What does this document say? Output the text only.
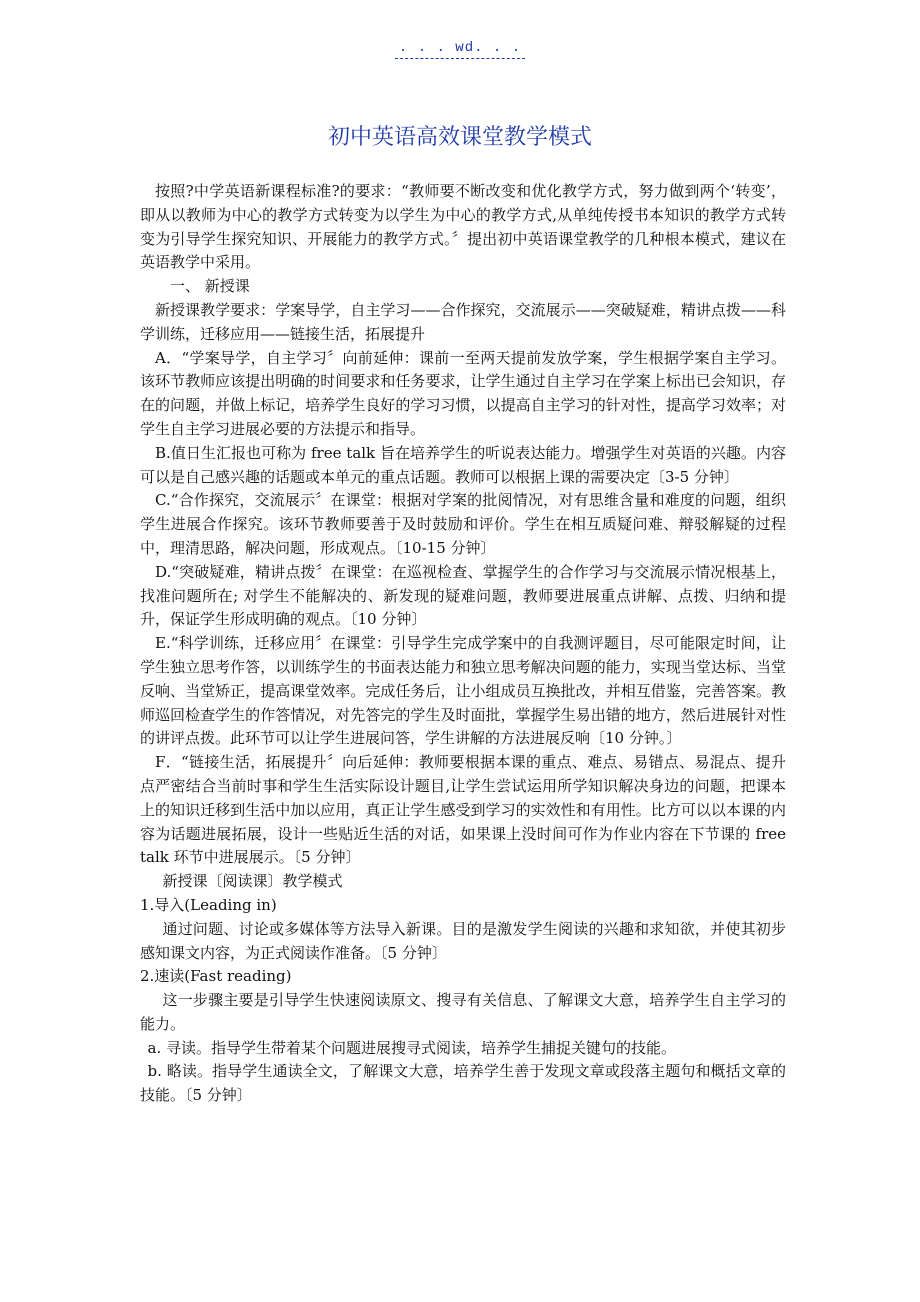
. . . wd. . .
初中英语高效课堂教学模式

按照?中学英语新课程标准?的要求：“教师要不断改变和优化教学方式，努力做到两个‘转变’，即从以教师为中心的教学方式转变为以学生为中心的教学方式,从单纯传授书本知识的教学方式转变为引导学生探究知识、开展能力的教学方式。〞提出初中英语课堂教学的几种根本模式，建议在英语教学中采用。

一、 新授课

新授课教学要求：学案导学，自主学习——合作探究，交流展示——突破疑难，精讲点拨——科学训练，迁移应用——链接生活，拓展提升

A．“学案导学，自主学习〞向前延伸：课前一至两天提前发放学案，学生根据学案自主学习。该环节教师应该提出明确的时间要求和任务要求，让学生通过自主学习在学案上标出已会知识，存在的问题，并做上标记，培养学生良好的学习习惯，以提高自主学习的针对性，提高学习效率；对学生自主学习进展必要的方法提示和指导。

B.值日生汇报也可称为 free talk 旨在培养学生的听说表达能力。增强学生对英语的兴趣。内容可以是自己感兴趣的话题或本单元的重点话题。教师可以根据上课的需要决定〔3-5 分钟〕

C.“合作探究，交流展示〞在课堂：根据对学案的批阅情况，对有思维含量和难度的问题，组织学生进展合作探究。该环节教师要善于及时鼓励和评价。学生在相互质疑问难、辩驳解疑的过程中，理清思路，解决问题，形成观点。〔10-15 分钟〕

D.“突破疑难，精讲点拨〞在课堂：在巡视检查、掌握学生的合作学习与交流展示情况根基上，找准问题所在; 对学生不能解决的、新发现的疑难问题，教师要进展重点讲解、点拨、归纳和提升，保证学生形成明确的观点。〔10 分钟〕

E.“科学训练，迁移应用〞在课堂：引导学生完成学案中的自我测评题目，尽可能限定时间，让学生独立思考作答，以训练学生的书面表达能力和独立思考解决问题的能力，实现当堂达标、当堂反响、当堂矫正，提高课堂效率。完成任务后，让小组成员互换批改，并相互借鉴，完善答案。教师巡回检查学生的作答情况，对先答完的学生及时面批，掌握学生易出错的地方，然后进展针对性的讲评点拨。此环节可以让学生进展问答，学生讲解的方法进展反响〔10 分钟。〕

F．“链接生活，拓展提升〞向后延伸：教师要根据本课的重点、难点、易错点、易混点、提升点严密结合当前时事和学生生活实际设计题目,让学生尝试运用所学知识解决身边的问题，把课本上的知识迁移到生活中加以应用，真正让学生感受到学习的实效性和有用性。比方可以以本课的内容为话题进展拓展，设计一些贴近生活的对话，如果课上没时间可作为作业内容在下节课的 free talk 环节中进展展示。〔5 分钟〕

新授课〔阅读课〕教学模式

1.导入(Leading in)

通过问题、讨论或多媒体等方法导入新课。目的是激发学生阅读的兴趣和求知欲，并使其初步感知课文内容，为正式阅读作准备。〔5 分钟〕

2.速读(Fast reading)

这一步骤主要是引导学生快速阅读原文、搜寻有关信息、了解课文大意，培养学生自主学习的能力。

a. 寻读。指导学生带着某个问题进展搜寻式阅读，培养学生捕捉关键句的技能。

b. 略读。指导学生通读全文，了解课文大意，培养学生善于发现文章或段落主题句和概括文章的技能。〔5 分钟〕
